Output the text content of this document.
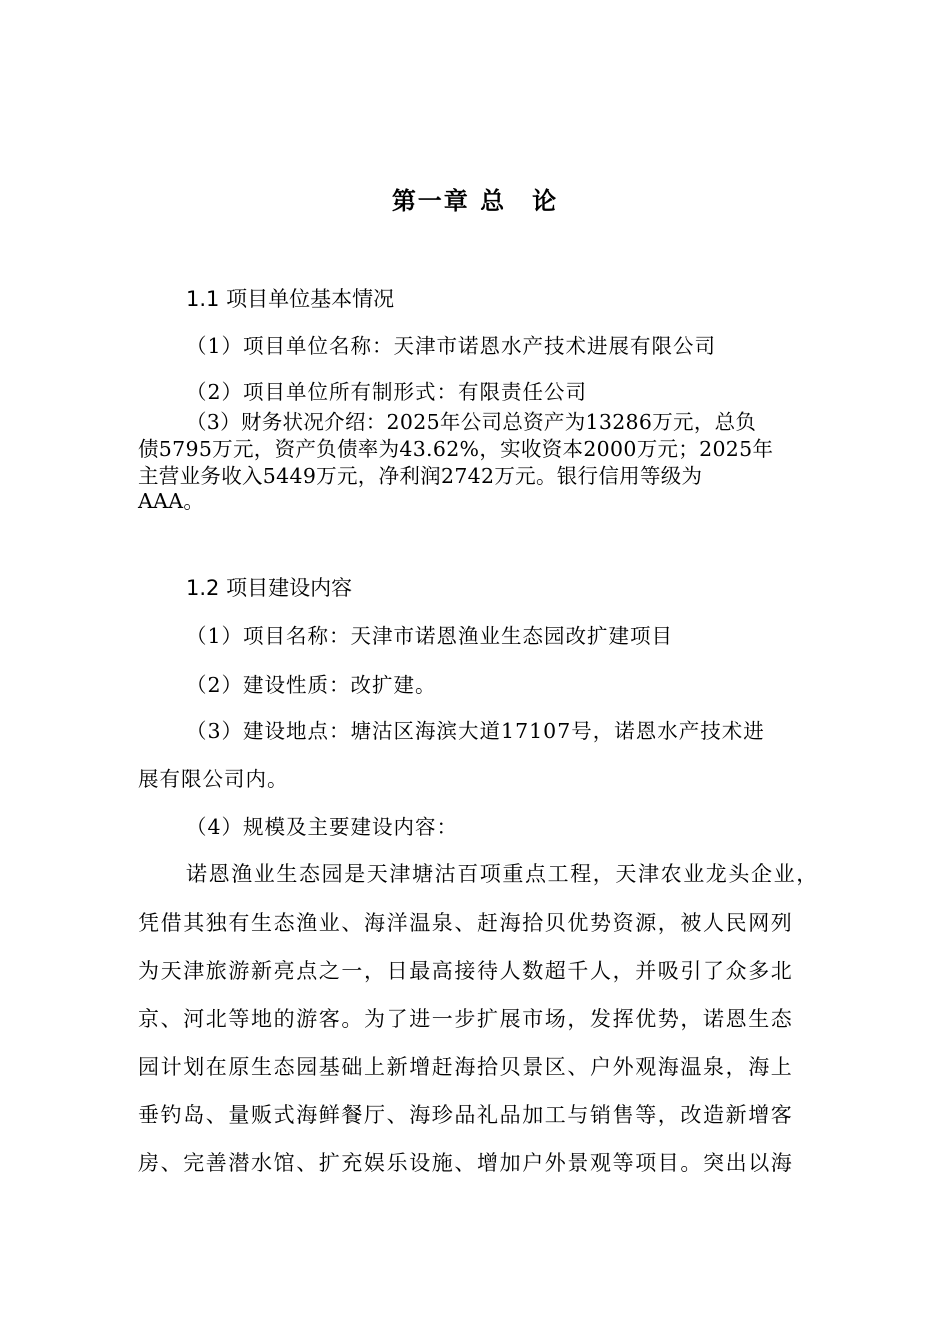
第一章 总　论
1.1 项目单位基本情况
（1）项目单位名称：天津市诺恩水产技术进展有限公司
（2）项目单位所有制形式：有限责任公司
（3）财务状况介绍：2025年公司总资产为13286万元，总负
债5795万元，资产负债率为43.62%，实收资本2000万元；2025年
主营业务收入5449万元，净利润2742万元。银行信用等级为
AAA。
1.2 项目建设内容
（1）项目名称：天津市诺恩渔业生态园改扩建项目
（2）建设性质：改扩建。
（3）建设地点：塘沽区海滨大道17107号，诺恩水产技术进
展有限公司内。
（4）规模及主要建设内容：
诺恩渔业生态园是天津塘沽百项重点工程，天津农业龙头企业，
凭借其独有生态渔业、海洋温泉、赶海拾贝优势资源，被人民网列
为天津旅游新亮点之一，日最高接待人数超千人，并吸引了众多北
京、河北等地的游客。为了进一步扩展市场，发挥优势，诺恩生态
园计划在原生态园基础上新增赶海拾贝景区、户外观海温泉，海上
垂钓岛、量贩式海鲜餐厅、海珍品礼品加工与销售等，改造新增客
房、完善潜水馆、扩充娱乐设施、增加户外景观等项目。突出以海
